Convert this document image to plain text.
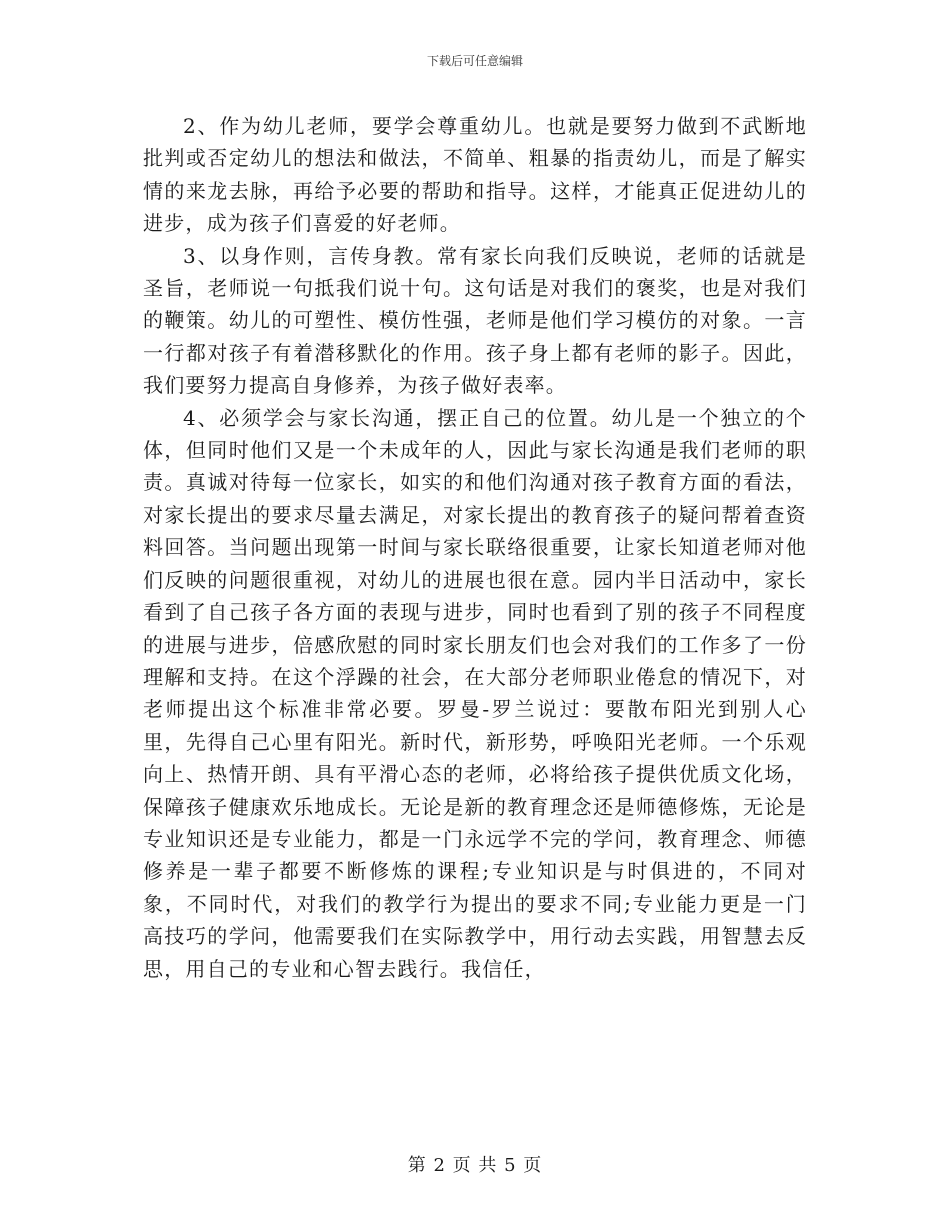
下载后可任意编辑

2、作为幼儿老师，要学会尊重幼儿。也就是要努力做到不武断地批判或否定幼儿的想法和做法，不简单、粗暴的指责幼儿，而是了解实情的来龙去脉，再给予必要的帮助和指导。这样，才能真正促进幼儿的进步，成为孩子们喜爱的好老师。

3、以身作则，言传身教。常有家长向我们反映说，老师的话就是圣旨，老师说一句抵我们说十句。这句话是对我们的褒奖，也是对我们的鞭策。幼儿的可塑性、模仿性强，老师是他们学习模仿的对象。一言一行都对孩子有着潜移默化的作用。孩子身上都有老师的影子。因此，我们要努力提高自身修养，为孩子做好表率。

4、必须学会与家长沟通，摆正自己的位置。幼儿是一个独立的个体，但同时他们又是一个未成年的人，因此与家长沟通是我们老师的职责。真诚对待每一位家长，如实的和他们沟通对孩子教育方面的看法，对家长提出的要求尽量去满足，对家长提出的教育孩子的疑问帮着查资料回答。当问题出现第一时间与家长联络很重要，让家长知道老师对他们反映的问题很重视，对幼儿的进展也很在意。园内半日活动中，家长看到了自己孩子各方面的表现与进步，同时也看到了别的孩子不同程度的进展与进步，倍感欣慰的同时家长朋友们也会对我们的工作多了一份理解和支持。在这个浮躁的社会，在大部分老师职业倦怠的情况下，对老师提出这个标准非常必要。罗曼-罗兰说过：要散布阳光到别人心里，先得自己心里有阳光。新时代，新形势，呼唤阳光老师。一个乐观向上、热情开朗、具有平滑心态的老师，必将给孩子提供优质文化场，保障孩子健康欢乐地成长。无论是新的教育理念还是师德修炼，无论是专业知识还是专业能力，都是一门永远学不完的学问，教育理念、师德修养是一辈子都要不断修炼的课程;专业知识是与时俱进的，不同对象，不同时代，对我们的教学行为提出的要求不同;专业能力更是一门高技巧的学问，他需要我们在实际教学中，用行动去实践，用智慧去反思，用自己的专业和心智去践行。我信任，

第 2 页 共 5 页
